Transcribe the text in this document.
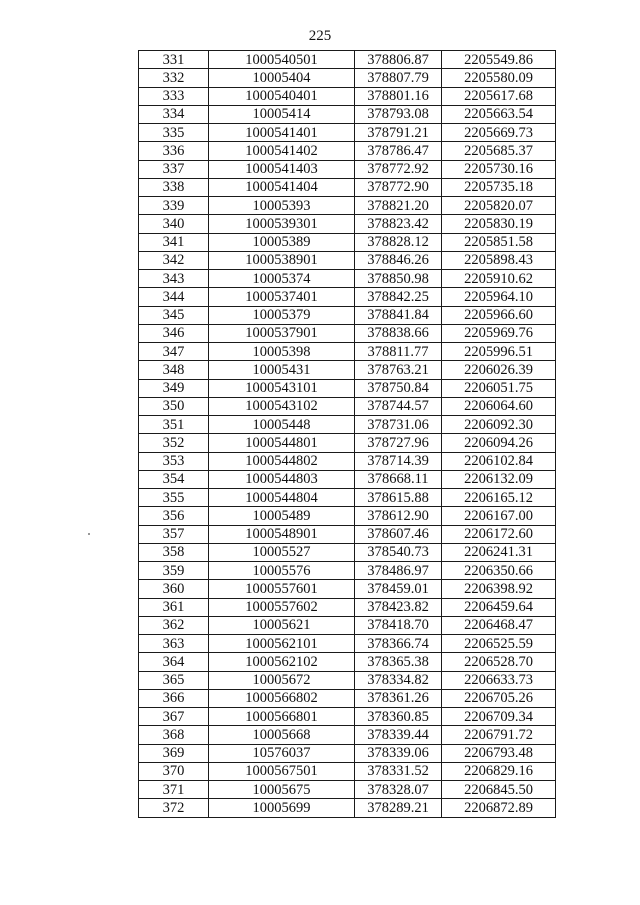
225
331	1000540501	378806.87	2205549.86
332	10005404	378807.79	2205580.09
333	1000540401	378801.16	2205617.68
334	10005414	378793.08	2205663.54
335	1000541401	378791.21	2205669.73
336	1000541402	378786.47	2205685.37
337	1000541403	378772.92	2205730.16
338	1000541404	378772.90	2205735.18
339	10005393	378821.20	2205820.07
340	1000539301	378823.42	2205830.19
341	10005389	378828.12	2205851.58
342	1000538901	378846.26	2205898.43
343	10005374	378850.98	2205910.62
344	1000537401	378842.25	2205964.10
345	10005379	378841.84	2205966.60
346	1000537901	378838.66	2205969.76
347	10005398	378811.77	2205996.51
348	10005431	378763.21	2206026.39
349	1000543101	378750.84	2206051.75
350	1000543102	378744.57	2206064.60
351	10005448	378731.06	2206092.30
352	1000544801	378727.96	2206094.26
353	1000544802	378714.39	2206102.84
354	1000544803	378668.11	2206132.09
355	1000544804	378615.88	2206165.12
356	10005489	378612.90	2206167.00
357	1000548901	378607.46	2206172.60
358	10005527	378540.73	2206241.31
359	10005576	378486.97	2206350.66
360	1000557601	378459.01	2206398.92
361	1000557602	378423.82	2206459.64
362	10005621	378418.70	2206468.47
363	1000562101	378366.74	2206525.59
364	1000562102	378365.38	2206528.70
365	10005672	378334.82	2206633.73
366	1000566802	378361.26	2206705.26
367	1000566801	378360.85	2206709.34
368	10005668	378339.44	2206791.72
369	10576037	378339.06	2206793.48
370	1000567501	378331.52	2206829.16
371	10005675	378328.07	2206845.50
372	10005699	378289.21	2206872.89
